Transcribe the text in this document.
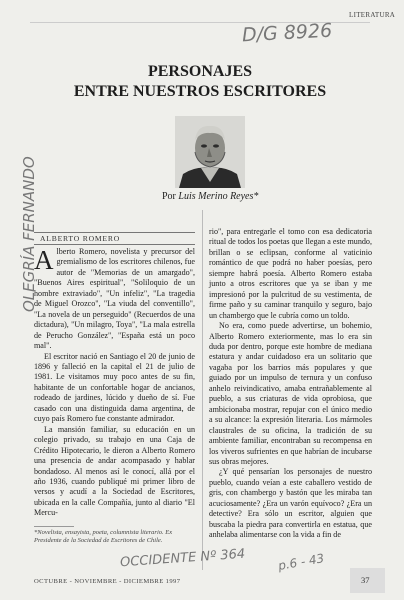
LITERATURA
D/G 8926
OLEGRÍA FERNANDO
PERSONAJES
ENTRE NUESTROS ESCRITORES
Por Luis Merino Reyes*
ALBERTO ROMERO

Alberto Romero, novelista y precursor del gremialismo de los escritores chilenos, fue autor de "Memorias de un amargado", "Buenos Aires espiritual", "Soliloquio de un hombre extraviado", "Un infeliz", "La tragedia de Miguel Orozco", "La viuda del conventillo", "La novela de un perseguido" (Recuerdos de una dictadura), "Un milagro, Toya", "La mala estrella de Perucho González", "España está un poco mal".

El escritor nació en Santiago el 20 de junio de 1896 y falleció en la capital el 21 de julio de 1981. Le visitamos muy poco antes de su fin, habitante de un confortable hogar de ancianos, rodeado de jardines, lúcido y dueño de sí. Fue casado con una distinguida dama argentina, de cuyo país Romero fue constante admirador.

La mansión familiar, su educación en un colegio privado, su trabajo en una Caja de Crédito Hipotecario, le dieron a Alberto Romero una presencia de andar acompasado y hablar bondadoso. Al menos así le conocí, allá por el año 1936, cuando publiqué mi primer libro de versos y acudí a la Sociedad de Escritores, ubicada en la calle Compañía, junto al diario "El Mercu-

rio", para entregarle el tomo con esa dedicatoria ritual de todos los poetas que llegan a este mundo, brillan o se eclipsan, conforme al vaticinio romántico de que podrá no haber poesías, pero siempre habrá poesía. Alberto Romero estaba junto a otros escritores que ya se iban y me impresionó por la pulcritud de su vestimenta, de firme paño y su caminar tranquilo y seguro, bajo un chambergo que le cubría como un toldo.

No era, como puede advertirse, un bohemio, Alberto Romero exteriormente, mas lo era sin duda por dentro, porque este hombre de mediana estatura y andar cuidadoso era un solitario que vagaba por los barrios más populares y que guiado por un impulso de ternura y un confuso anhelo reivindicativo, amaba entrañablemente al pueblo, a sus criaturas de vida oprobiosa, que ambicionaba mostrar, repujar con el único medio a su alcance: la expresión literaria. Los mármoles claustrales de su oficina, la tradición de su ambiente familiar, encontraban su recompensa en los viveros sufrientes en que habrían de incubarse sus obras mejores.

¿Y qué pensarían los personajes de nuestro pueblo, cuando veían a este caballero vestido de gris, con chambergo y bastón que les miraba tan acuciosamente? ¿Era un varón equívoco? ¿Era un detective? Era sólo un escritor, alguien que buscaba la piedra para convertirla en estatua, que anhelaba alimentarse con la vida a fin de

*Novelista, ensayista, poeta, columnista literario. Ex Presidente de la Sociedad de Escritores de Chile.
OCCIDENTE Nº 364	p.6 - 43
OCTUBRE - NOVIEMBRE - DICIEMBRE 1997	37
